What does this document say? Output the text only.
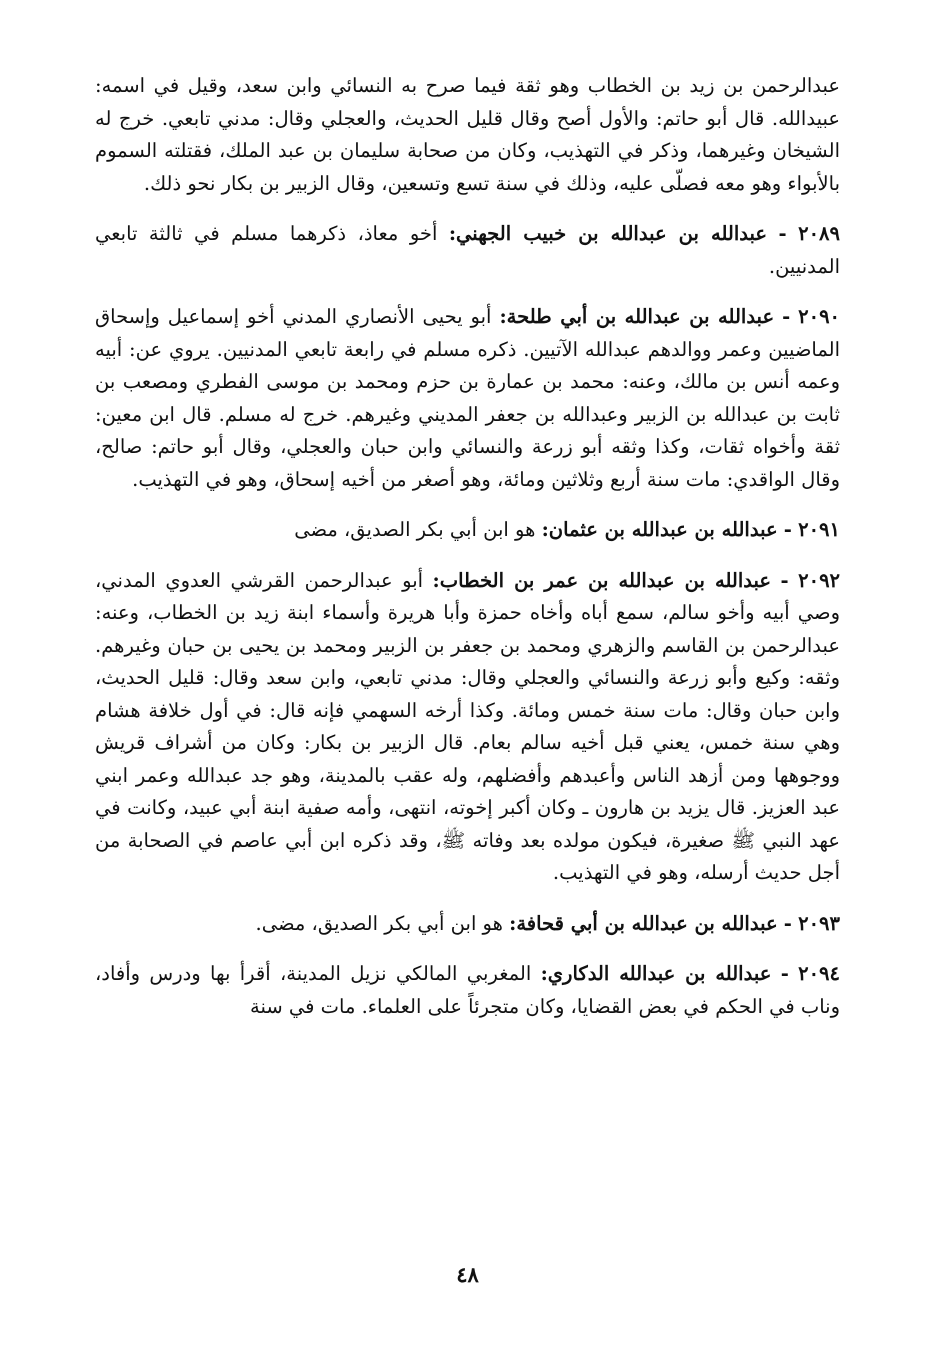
عبدالرحمن بن زيد بن الخطاب وهو ثقة فيما صرح به النسائي وابن سعد، وقيل في اسمه: عبيدالله. قال أبو حاتم: والأول أصح وقال قليل الحديث، والعجلي وقال: مدني تابعي. خرج له الشيخان وغيرهما، وذكر في التهذيب، وكان من صحابة سليمان بن عبد الملك، فقتلته السموم بالأبواء وهو معه فصلّى عليه، وذلك في سنة تسع وتسعين، وقال الزبير بن بكار نحو ذلك.

٢٠٨٩ - عبدالله بن عبدالله بن خبيب الجهني: أخو معاذ، ذكرهما مسلم في ثالثة تابعي المدنيين.

٢٠٩٠ - عبدالله بن عبدالله بن أبي طلحة: أبو يحيى الأنصاري المدني أخو إسماعيل وإسحاق الماضيين وعمر ووالدهم عبدالله الآتيين. ذكره مسلم في رابعة تابعي المدنيين. يروي عن: أبيه وعمه أنس بن مالك، وعنه: محمد بن عمارة بن حزم ومحمد بن موسى الفطري ومصعب بن ثابت بن عبدالله بن الزبير وعبدالله بن جعفر المديني وغيرهم. خرج له مسلم. قال ابن معين: ثقة وأخواه ثقات، وكذا وثقه أبو زرعة والنسائي وابن حبان والعجلي، وقال أبو حاتم: صالح، وقال الواقدي: مات سنة أربع وثلاثين ومائة، وهو أصغر من أخيه إسحاق، وهو في التهذيب.

٢٠٩١ - عبدالله بن عبدالله بن عثمان: هو ابن أبي بكر الصديق، مضى

٢٠٩٢ - عبدالله بن عبدالله بن عمر بن الخطاب: أبو عبدالرحمن القرشي العدوي المدني، وصي أبيه وأخو سالم، سمع أباه وأخاه حمزة وأبا هريرة وأسماء ابنة زيد بن الخطاب، وعنه: عبدالرحمن بن القاسم والزهري ومحمد بن جعفر بن الزبير ومحمد بن يحيى بن حبان وغيرهم. وثقه: وكيع وأبو زرعة والنسائي والعجلي وقال: مدني تابعي، وابن سعد وقال: قليل الحديث، وابن حبان وقال: مات سنة خمس ومائة. وكذا أرخه السهمي فإنه قال: في أول خلافة هشام وهي سنة خمس، يعني قبل أخيه سالم بعام. قال الزبير بن بكار: وكان من أشراف قريش ووجوهها ومن أزهد الناس وأعبدهم وأفضلهم، وله عقب بالمدينة، وهو جد عبدالله وعمر ابني عبد العزيز. قال يزيد بن هارون ـ وكان أكبر إخوته، انتهى، وأمه صفية ابنة أبي عبيد، وكانت في عهد النبي ﷺ صغيرة، فيكون مولده بعد وفاته ﷺ، وقد ذكره ابن أبي عاصم في الصحابة من أجل حديث أرسله، وهو في التهذيب.

٢٠٩٣ - عبدالله بن عبدالله بن أبي قحافة: هو ابن أبي بكر الصديق، مضى.

٢٠٩٤ - عبدالله بن عبدالله الدكاري: المغربي المالكي نزيل المدينة، أقرأ بها ودرس وأفاد، وناب في الحكم في بعض القضايا، وكان متجرئاً على العلماء. مات في سنة

٤٨
